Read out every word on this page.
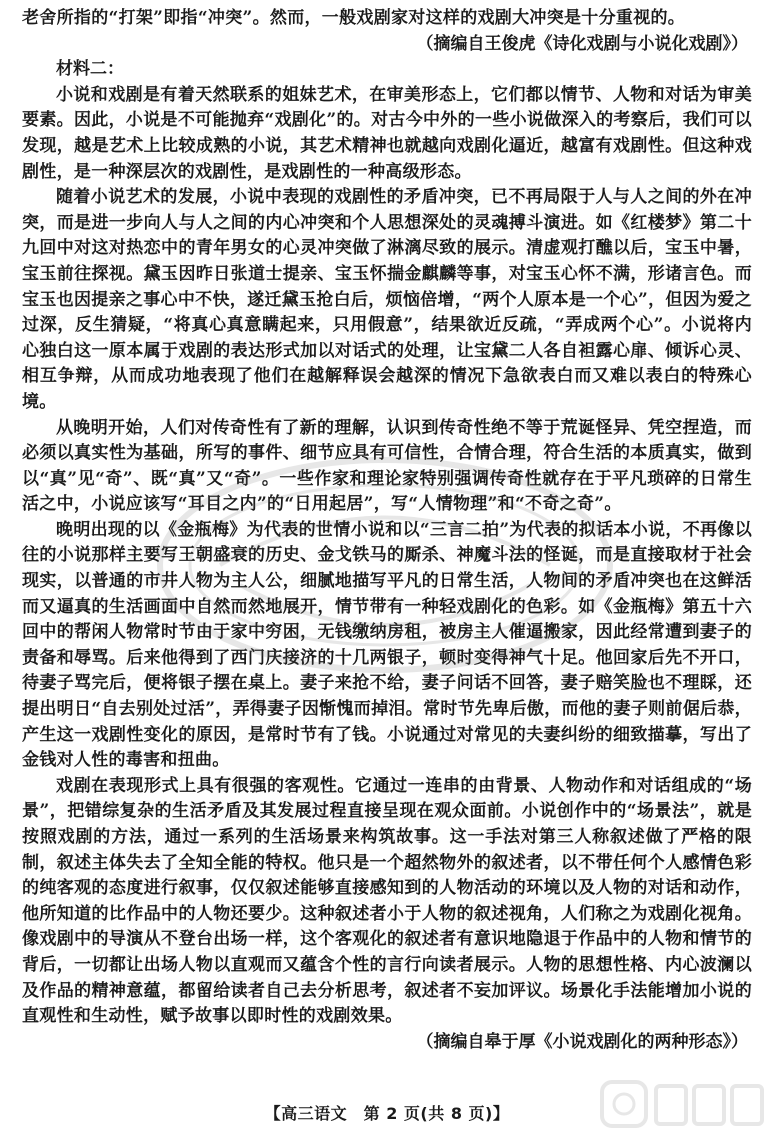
老舍所指的“打架”即指“冲突”。然而，一般戏剧家对这样的戏剧大冲突是十分重视的。
（摘编自王俊虎《诗化戏剧与小说化戏剧》）
材料二：

小说和戏剧是有着天然联系的姐妹艺术，在审美形态上，它们都以情节、人物和对话为审美要素。因此，小说是不可能抛弃“戏剧化”的。对古今中外的一些小说做深入的考察后，我们可以发现，越是艺术上比较成熟的小说，其艺术精神也就越向戏剧化逼近，越富有戏剧性。但这种戏剧性，是一种深层次的戏剧性，是戏剧性的一种高级形态。

随着小说艺术的发展，小说中表现的戏剧性的矛盾冲突，已不再局限于人与人之间的外在冲突，而是进一步向人与人之间的内心冲突和个人思想深处的灵魂搏斗演进。如《红楼梦》第二十九回中对这对热恋中的青年男女的心灵冲突做了淋漓尽致的展示。清虚观打醮以后，宝玉中暑，宝玉前往探视。黛玉因昨日张道士提亲、宝玉怀揣金麒麟等事，对宝玉心怀不满，形诸言色。而宝玉也因提亲之事心中不快，遂迁黛玉抢白后，烦恼倍增，“两个人原本是一个心”，但因为爱之过深，反生猜疑，“将真心真意瞒起来，只用假意”，结果欲近反疏，“弄成两个心”。小说将内心独白这一原本属于戏剧的表达形式加以对话式的处理，让宝黛二人各自袒露心扉、倾诉心灵、相互争辩，从而成功地表现了他们在越解释误会越深的情况下急欲表白而又难以表白的特殊心境。

从晚明开始，人们对传奇性有了新的理解，认识到传奇性绝不等于荒诞怪异、凭空捏造，而必须以真实性为基础，所写的事件、细节应具有可信性，合情合理，符合生活的本质真实，做到以“真”见“奇”、既“真”又“奇”。一些作家和理论家特别强调传奇性就存在于平凡琐碎的日常生活之中，小说应该写“耳目之内”的“日用起居”，写“人情物理”和“不奇之奇”。

晚明出现的以《金瓶梅》为代表的世情小说和以“三言二拍”为代表的拟话本小说，不再像以往的小说那样主要写王朝盛衰的历史、金戈铁马的厮杀、神魔斗法的怪诞，而是直接取材于社会现实，以普通的市井人物为主人公，细腻地描写平凡的日常生活，人物间的矛盾冲突也在这鲜活而又逼真的生活画面中自然而然地展开，情节带有一种轻戏剧化的色彩。如《金瓶梅》第五十六回中的帮闲人物常时节由于家中穷困，无钱缴纳房租，被房主人催逼搬家，因此经常遭到妻子的责备和辱骂。后来他得到了西门庆接济的十几两银子，顿时变得神气十足。他回家后先不开口，待妻子骂完后，便将银子摆在桌上。妻子来抢不给，妻子问话不回答，妻子赔笑脸也不理睬，还提出明日“自去别处过活”，弄得妻子因惭愧而掉泪。常时节先卑后傲，而他的妻子则前倨后恭，产生这一戏剧性变化的原因，是常时节有了钱。小说通过对常见的夫妻纠纷的细致描摹，写出了金钱对人性的毒害和扭曲。

戏剧在表现形式上具有很强的客观性。它通过一连串的由背景、人物动作和对话组成的“场景”，把错综复杂的生活矛盾及其发展过程直接呈现在观众面前。小说创作中的“场景法”，就是按照戏剧的方法，通过一系列的生活场景来构筑故事。这一手法对第三人称叙述做了严格的限制，叙述主体失去了全知全能的特权。他只是一个超然物外的叙述者，以不带任何个人感情色彩的纯客观的态度进行叙事，仅仅叙述能够直接感知到的人物活动的环境以及人物的对话和动作，他所知道的比作品中的人物还要少。这种叙述者小于人物的叙述视角，人们称之为戏剧化视角。像戏剧中的导演从不登台出场一样，这个客观化的叙述者有意识地隐退于作品中的人物和情节的背后，一切都让出场人物以直观而又蕴含个性的言行向读者展示。人物的思想性格、内心波澜以及作品的精神意蕴，都留给读者自己去分析思考，叙述者不妄加评议。场景化手法能增加小说的直观性和生动性，赋予故事以即时性的戏剧效果。

（摘编自皋于厚《小说戏剧化的两种形态》）
【高三语文　第 2 页(共 8 页)】
